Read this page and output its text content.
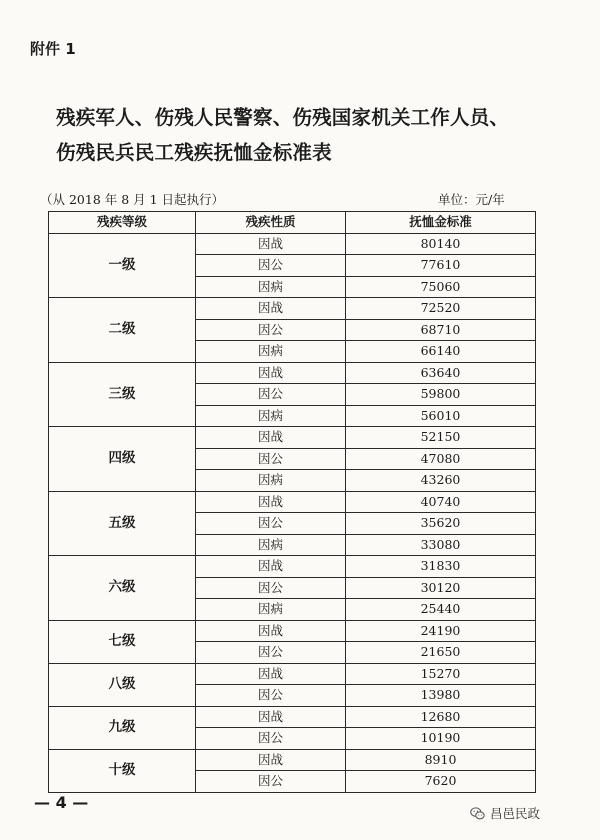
附件 1
残疾军人、伤残人民警察、伤残国家机关工作人员、
伤残民兵民工残疾抚恤金标准表
（从 2018 年 8 月 1 日起执行）	单位：元/年
残疾等级	残疾性质	抚恤金标准
一级	因战	80140
	因公	77610
	因病	75060
二级	因战	72520
	因公	68710
	因病	66140
三级	因战	63640
	因公	59800
	因病	56010
四级	因战	52150
	因公	47080
	因病	43260
五级	因战	40740
	因公	35620
	因病	33080
六级	因战	31830
	因公	30120
	因病	25440
七级	因战	24190
	因公	21650
八级	因战	15270
	因公	13980
九级	因战	12680
	因公	10190
十级	因战	8910
	因公	7620
— 4 —
昌邑民政
